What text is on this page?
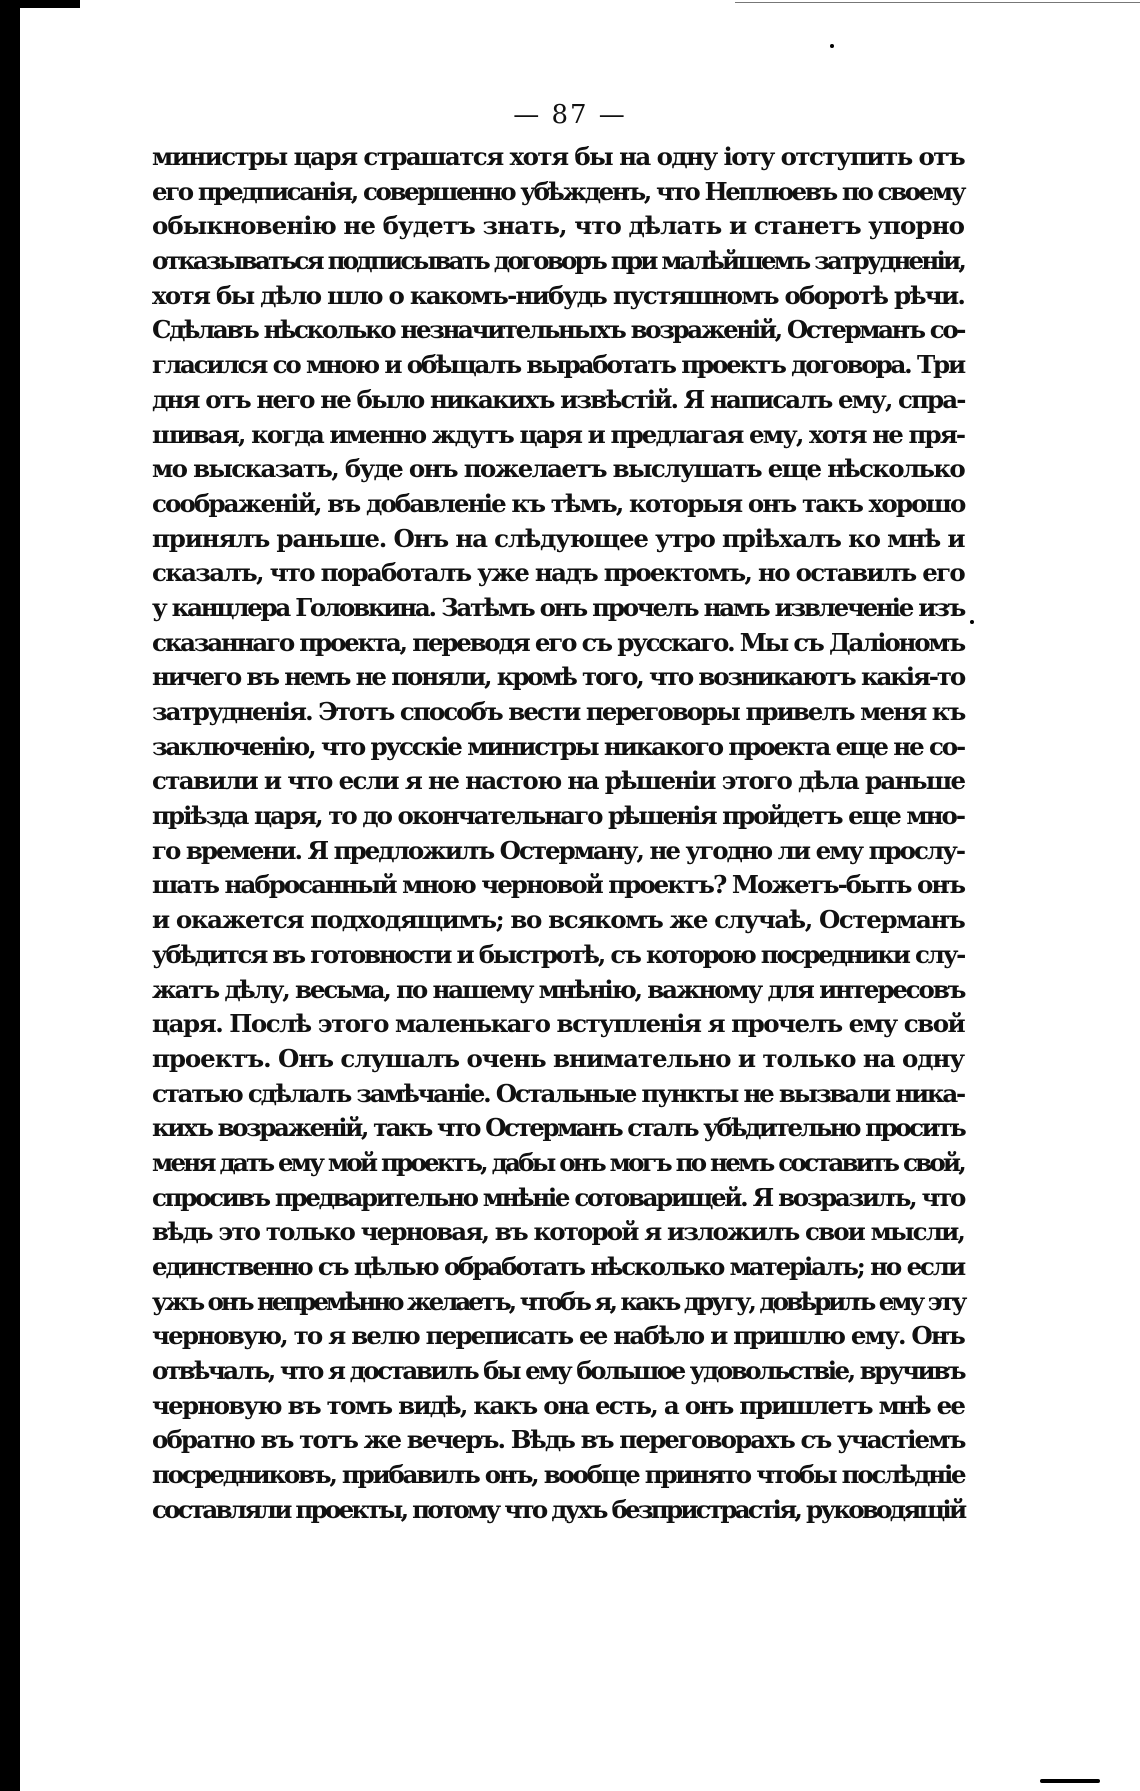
— 87 —
министры царя страшатся хотя бы на одну іоту отступить отъ
его предписанія, совершенно убѣжденъ, что Неплюевъ по своему
обыкновенію не будетъ знать, что дѣлать и станетъ упорно
отказываться подписывать договоръ при малѣйшемъ затрудненіи,
хотя бы дѣло шло о какомъ-нибудь пустяшномъ оборотѣ рѣчи.
Сдѣлавъ нѣсколько незначительныхъ возраженій, Остерманъ со-
гласился со мною и обѣщалъ выработать проектъ договора. Три
дня отъ него не было никакихъ извѣстій. Я написалъ ему, спра-
шивая, когда именно ждутъ царя и предлагая ему, хотя не пря-
мо высказать, буде онъ пожелаетъ выслушать еще нѣсколько
соображеній, въ добавленіе къ тѣмъ, которыя онъ такъ хорошо
принялъ раньше. Онъ на слѣдующее утро пріѣхалъ ко мнѣ и
сказалъ, что поработалъ уже надъ проектомъ, но оставилъ его
у канцлера Головкина. Затѣмъ онъ прочелъ намъ извлеченіе изъ
сказаннаго проекта, переводя его съ русскаго. Мы съ Даліономъ
ничего въ немъ не поняли, кромѣ того, что возникаютъ какія-то
затрудненія. Этотъ способъ вести переговоры привелъ меня къ
заключенію, что русскіе министры никакого проекта еще не со-
ставили и что если я не настою на рѣшеніи этого дѣла раньше
пріѣзда царя, то до окончательнаго рѣшенія пройдетъ еще мно-
го времени. Я предложилъ Остерману, не угодно ли ему прослу-
шать набросанный мною черновой проектъ? Можетъ-быть онъ
и окажется подходящимъ; во всякомъ же случаѣ, Остерманъ
убѣдится въ готовности и быстротѣ, съ которою посредники слу-
жатъ дѣлу, весьма, по нашему мнѣнію, важному для интересовъ
царя. Послѣ этого маленькаго вступленія я прочелъ ему свой
проектъ. Онъ слушалъ очень внимательно и только на одну
статью сдѣлалъ замѣчаніе. Остальные пункты не вызвали ника-
кихъ возраженій, такъ что Остерманъ сталъ убѣдительно просить
меня дать ему мой проектъ, дабы онъ могъ по немъ составить свой,
спросивъ предварительно мнѣніе сотоварищей. Я возразилъ, что
вѣдь это только черновая, въ которой я изложилъ свои мысли,
единственно съ цѣлью обработать нѣсколько матеріалъ; но если
ужъ онъ непремѣнно желаетъ, чтобъ я, какъ другу, довѣрилъ ему эту
черновую, то я велю переписать ее набѣло и пришлю ему. Онъ
отвѣчалъ, что я доставилъ бы ему большое удовольствіе, вручивъ
черновую въ томъ видѣ, какъ она есть, а онъ пришлетъ мнѣ ее
обратно въ тотъ же вечеръ. Вѣдь въ переговорахъ съ участіемъ
посредниковъ, прибавилъ онъ, вообще принято чтобы послѣдніе
составляли проекты, потому что духъ безпристрастія, руководящій
